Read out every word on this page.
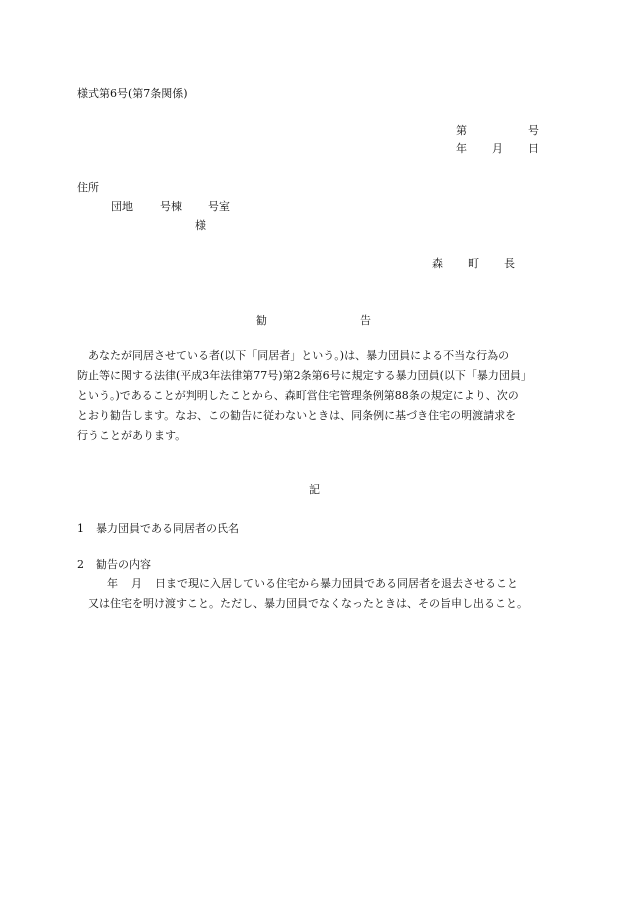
様式第6号(第7条関係)
第	号
年 月 日
住所
団地 号棟 号室
様
森 町 長
勧	告
あなたが同居させている者(以下「同居者」という。)は、暴力団員による不当な行為の
防止等に関する法律(平成3年法律第77号)第2条第6号に規定する暴力団員(以下「暴力団員」
という。)であることが判明したことから、森町営住宅管理条例第88条の規定により、次の
とおり勧告します。なお、この勧告に従わないときは、同条例に基づき住宅の明渡請求を
行うことがあります。
記
1 暴力団員である同居者の氏名
2 勧告の内容
年 月 日まで現に入居している住宅から暴力団員である同居者を退去させること
又は住宅を明け渡すこと。ただし、暴力団員でなくなったときは、その旨申し出ること。
